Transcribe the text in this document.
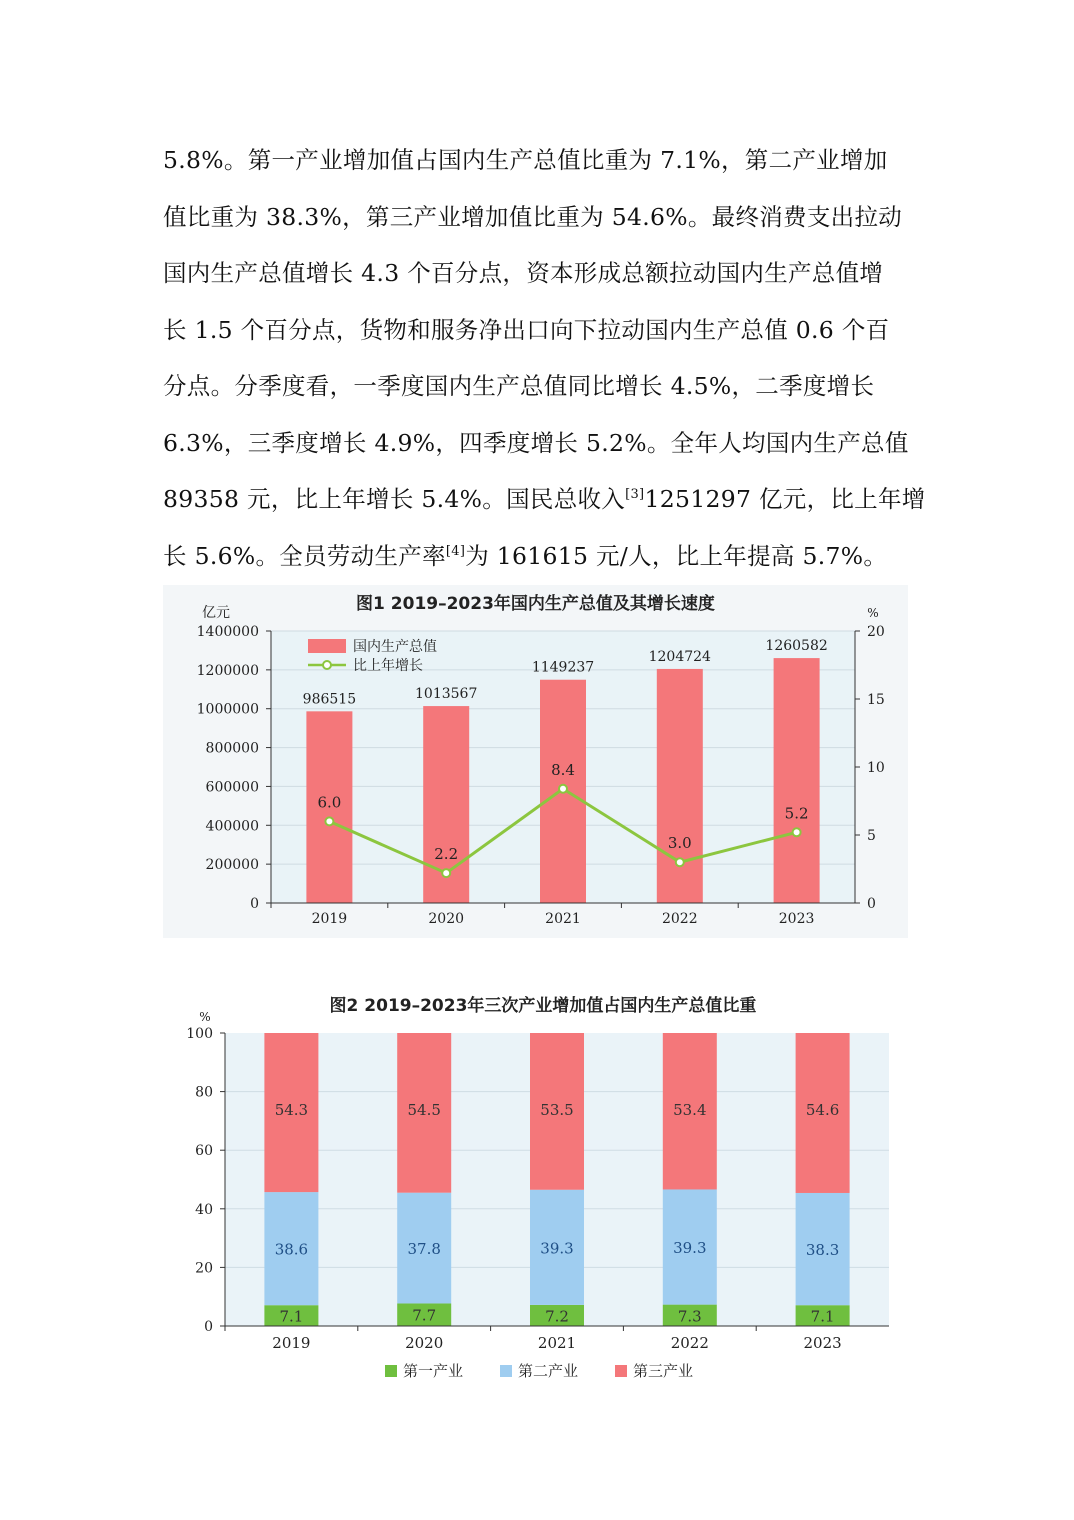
5.8%。第一产业增加值占国内生产总值比重为 7.1%，第二产业增加
值比重为 38.3%，第三产业增加值比重为 54.6%。最终消费支出拉动
国内生产总值增长 4.3 个百分点，资本形成总额拉动国内生产总值增
长 1.5 个百分点，货物和服务净出口向下拉动国内生产总值 0.6 个百
分点。分季度看，一季度国内生产总值同比增长 4.5%，二季度增长
6.3%，三季度增长 4.9%，四季度增长 5.2%。全年人均国内生产总值
89358 元，比上年增长 5.4%。国民总收入[3]1251297 亿元，比上年增
长 5.6%。全员劳动生产率[4]为 161615 元/人，比上年提高 5.7%。
图1 2019–2023年国内生产总值及其增长速度
0
200000
400000
600000
800000
1000000
1200000
1400000
0
5
10
15
20
亿元	%
986515
2019
1013567
2020
1149237
2021
1204724
2022
1260582
2023
6.0
2.2
8.4
3.0
5.2
国内生产总值
比上年增长
图2 2019–2023年三次产业增加值占国内生产总值比重
0
20
40
60
80
100
%
7.1
38.6
54.3
2019
7.7
37.8
54.5
2020
7.2
39.3
53.5
2021
7.3
39.3
53.4
2022
7.1
38.3
54.6
2023
第一产业	第二产业	第三产业
